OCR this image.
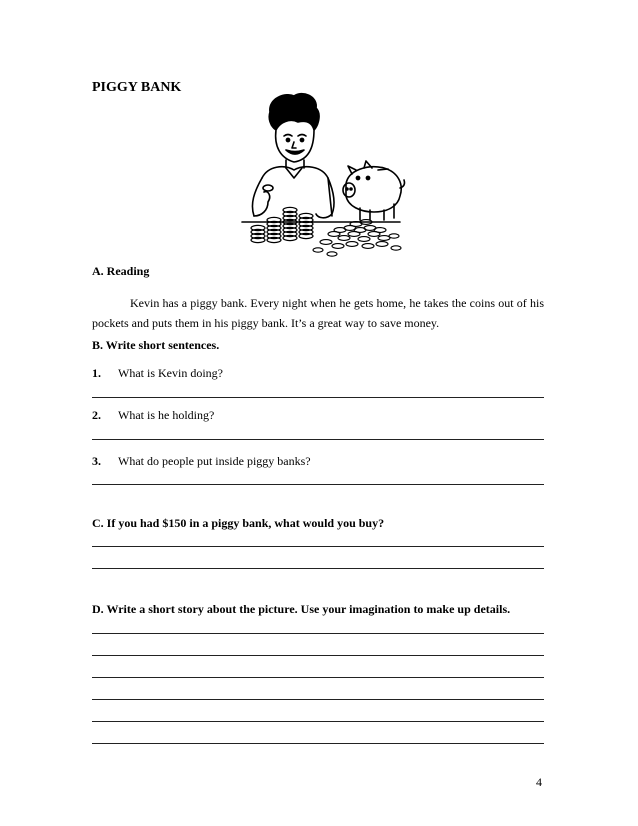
PIGGY BANK
A. Reading
Kevin has a piggy bank. Every night when he gets home, he takes the coins out of his pockets and puts them in his piggy bank. It’s a great way to save money.
B. Write short sentences.
1. What is Kevin doing?
2. What is he holding?
3. What do people put inside piggy banks?
C. If you had $150 in a piggy bank, what would you buy?
D. Write a short story about the picture. Use your imagination to make up details.
4
